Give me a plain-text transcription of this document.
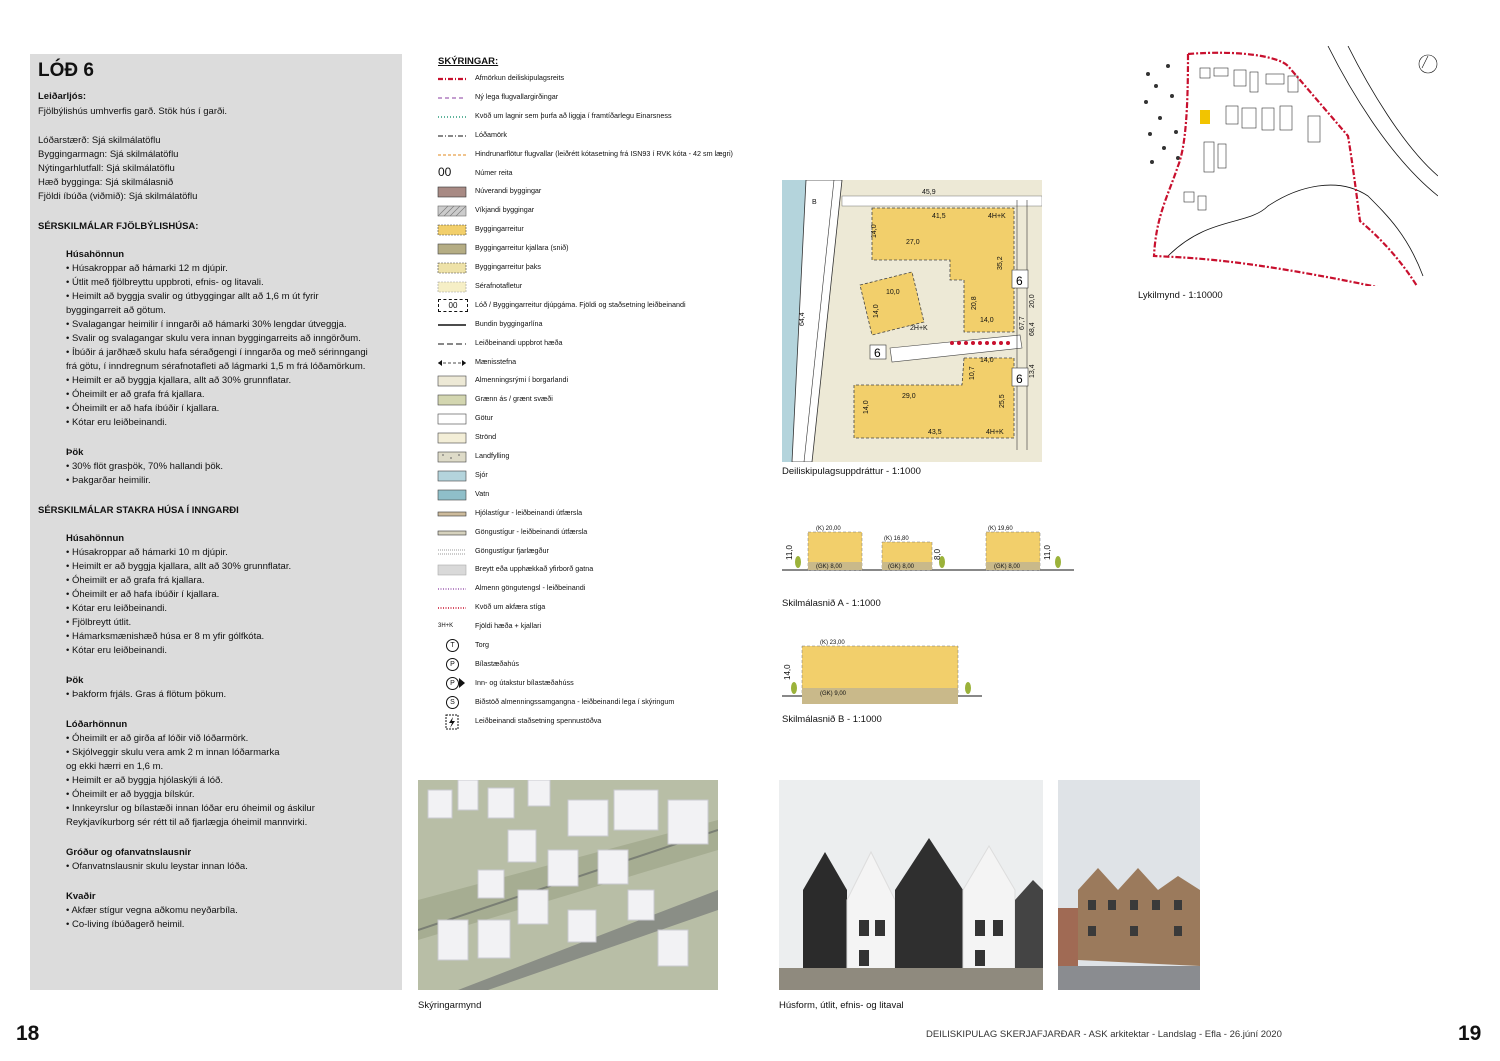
LÓÐ 6
Leiðarljós:
Fjölbýlishús umhverfis garð. Stök hús í garði.
Lóðarstærð: Sjá skilmálatöflu
Byggingarmagn: Sjá skilmálatöflu
Nýtingarhlutfall: Sjá skilmálatöflu
Hæð bygginga: Sjá skilmálasnið
Fjöldi íbúða (viðmið): Sjá skilmálatöflu
SÉRSKILMÁLAR FJÖLBÝLISHÚSA:
Húsahönnun
• Húsakroppar að hámarki 12 m djúpir.
• Útlit með fjölbreyttu uppbroti, efnis- og litavali.
• Heimilt að byggja svalir og útbyggingar allt að 1,6 m út fyrir
byggingarreit að götum.
• Svalagangar heimilir í inngarði að hámarki 30% lengdar útveggja.
• Svalir og svalagangar skulu vera innan byggingarreits að inngörðum.
• Íbúðir á jarðhæð skulu hafa séraðgengi í inngarða og með sérinngangi
frá götu, í inndregnum sérafnotafleti að lágmarki 1,5 m frá lóðamörkum.
• Heimilt er að byggja kjallara, allt að 30% grunnflatar.
• Óheimilt er að grafa frá kjallara.
• Óheimilt er að hafa íbúðir í kjallara.
• Kótar eru leiðbeinandi.
Þök
• 30% flöt grasþök, 70% hallandi þök.
• Þakgarðar heimilir.
SÉRSKILMÁLAR STAKRA HÚSA Í INNGARÐI
Húsahönnun
• Húsakroppar að hámarki 10 m djúpir.
• Heimilt er að byggja kjallara, allt að 30% grunnflatar.
• Óheimilt er að grafa frá kjallara.
• Óheimilt er að hafa íbúðir í kjallara.
• Kótar eru leiðbeinandi.
• Fjölbreytt útlit.
• Hámarksmænishæð húsa er 8 m yfir gólfkóta.
• Kótar eru leiðbeinandi.
Þök
• Þakform frjáls. Gras á flötum þökum.
Lóðarhönnun
• Óheimilt er að girða af lóðir við lóðarmörk.
• Skjólveggir skulu vera amk 2 m innan lóðarmarka
og ekki hærri en 1,6 m.
• Heimilt er að byggja hjólaskýli á lóð.
• Óheimilt er að byggja bílskúr.
• Innkeyrslur og bílastæði innan lóðar eru óheimil og áskilur
Reykjavíkurborg sér rétt til að fjarlægja óheimil mannvirki.
Gróður og ofanvatnslausnir
• Ofanvatnslausnir skulu leystar innan lóða.
Kvaðir
• Akfær stígur vegna aðkomu neyðarbíla.
• Co-living íbúðagerð heimil.
SKÝRINGAR:
Afmörkun deiliskipulagsreits
Ný lega flugvallargirðingar
Kvöð um lagnir sem þurfa að liggja í framtíðarlegu Einarsness
Lóðamörk
Hindrunarflötur flugvallar (leiðrétt kótasetning frá ISN93 í RVK kóta - 42 sm lægri)
00	Númer reita
Núverandi byggingar
Víkjandi byggingar
Byggingarreitur
Byggingarreitur kjallara (snið)
Byggingarreitur þaks
Sérafnotafletur
00	Lóð / Byggingarreitur djúpgáma. Fjöldi og staðsetning leiðbeinandi
Bundin byggingarlína
Leiðbeinandi uppbrot hæða
Mænisstefna
Almenningsrými í borgarlandi
Grænn ás / grænt svæði
Götur
Strönd
Landfylling
Sjór
Vatn
Hjólastígur - leiðbeinandi útfærsla
Göngustígur - leiðbeinandi útfærsla
Göngustígur fjarlægður
Breytt eða upphækkað yfirborð gatna
Almenn göngutengsl - leiðbeinandi
Kvöð um akfæra stíga
3H+K	Fjöldi hæða + kjallari
T	Torg
P	Bílastæðahús
P	Inn- og útakstur bílastæðahúss
S	Biðstöð almenningssamgangna - leiðbeinandi lega í skýringum
Leiðbeinandi staðsetning spennustöðva
6
6
6
45,9
41,5	4H+K
27,0
64,4
14,0
10,0
14,0
2H+K
35,2
20,8
14,0
14,0
20,0
67,7 68,4
13,4
10,7
29,0
14,0	25,5
43,5	4H+K
B
Deiliskipulagsuppdráttur - 1:1000
11,0	8,0	11,0
(K) 20,00
(K) 16,80
(K) 19,60
(GK) 8,00	(GK) 8,00	(GK) 8,00
Skilmálasnið A - 1:1000
14,0
(K) 23,00
(GK) 9,00
Skilmálasnið B - 1:1000
Lykilmynd - 1:10000
Skýringarmynd	Húsform, útlit, efnis- og litaval
18	19
DEILISKIPULAG SKERJAFJARÐAR - ASK arkitektar - Landslag - Efla - 26.júní 2020
